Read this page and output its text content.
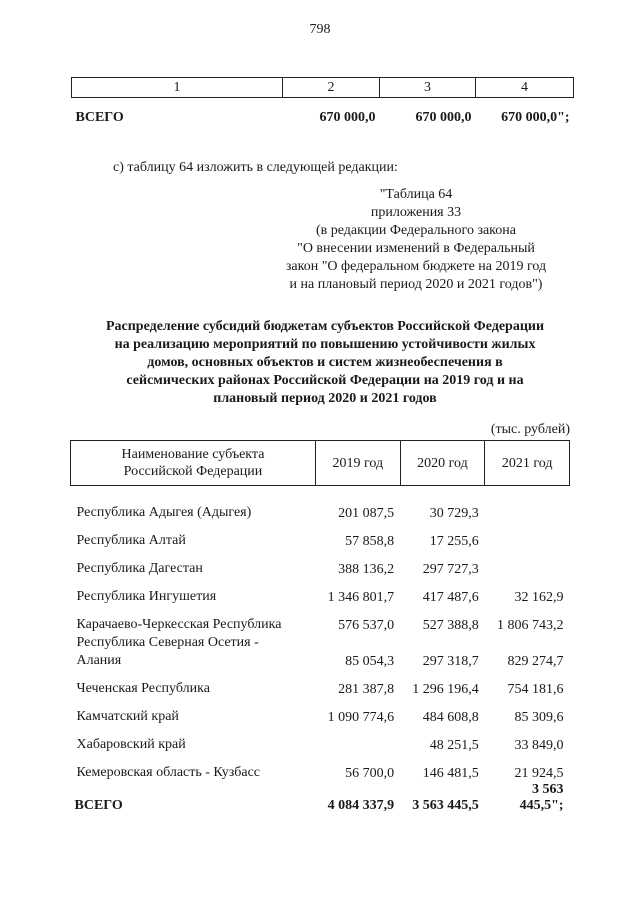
798
1	2	3	4
ВСЕГО	670 000,0	670 000,0	670 000,0";
с) таблицу 64 изложить в следующей редакции:
"Таблица 64
приложения 33
(в редакции Федерального закона
"О внесении изменений в Федеральный
закон "О федеральном бюджете на 2019 год
и на плановый период 2020 и 2021 годов")
Распределение субсидий бюджетам субъектов Российской Федерации
на реализацию мероприятий по повышению устойчивости жилых
домов, основных объектов и систем жизнеобеспечения в
сейсмических районах Российской Федерации на 2019 год и на
плановый период 2020 и 2021 годов
(тыс. рублей)
Наименование субъекта
Российской Федерации	2019 год	2020 год	2021 год
Республика Адыгея (Адыгея)	201 087,5	30 729,3	
Республика Алтай	57 858,8	17 255,6	
Республика Дагестан	388 136,2	297 727,3	
Республика Ингушетия	1 346 801,7	417 487,6	32 162,9
Карачаево-Черкесская Республика	576 537,0	527 388,8	1 806 743,2

Республика Северная Осетия -
Алания	85 054,3	297 318,7	829 274,7
Чеченская Республика	281 387,8	1 296 196,4	754 181,6
Камчатский край	1 090 774,6	484 608,8	85 309,6
Хабаровский край		48 251,5	33 849,0
Кемеровская область - Кузбасс	56 700,0	146 481,5	21 924,5
ВСЕГО	4 084 337,9	3 563 445,5	3 563 445,5";
